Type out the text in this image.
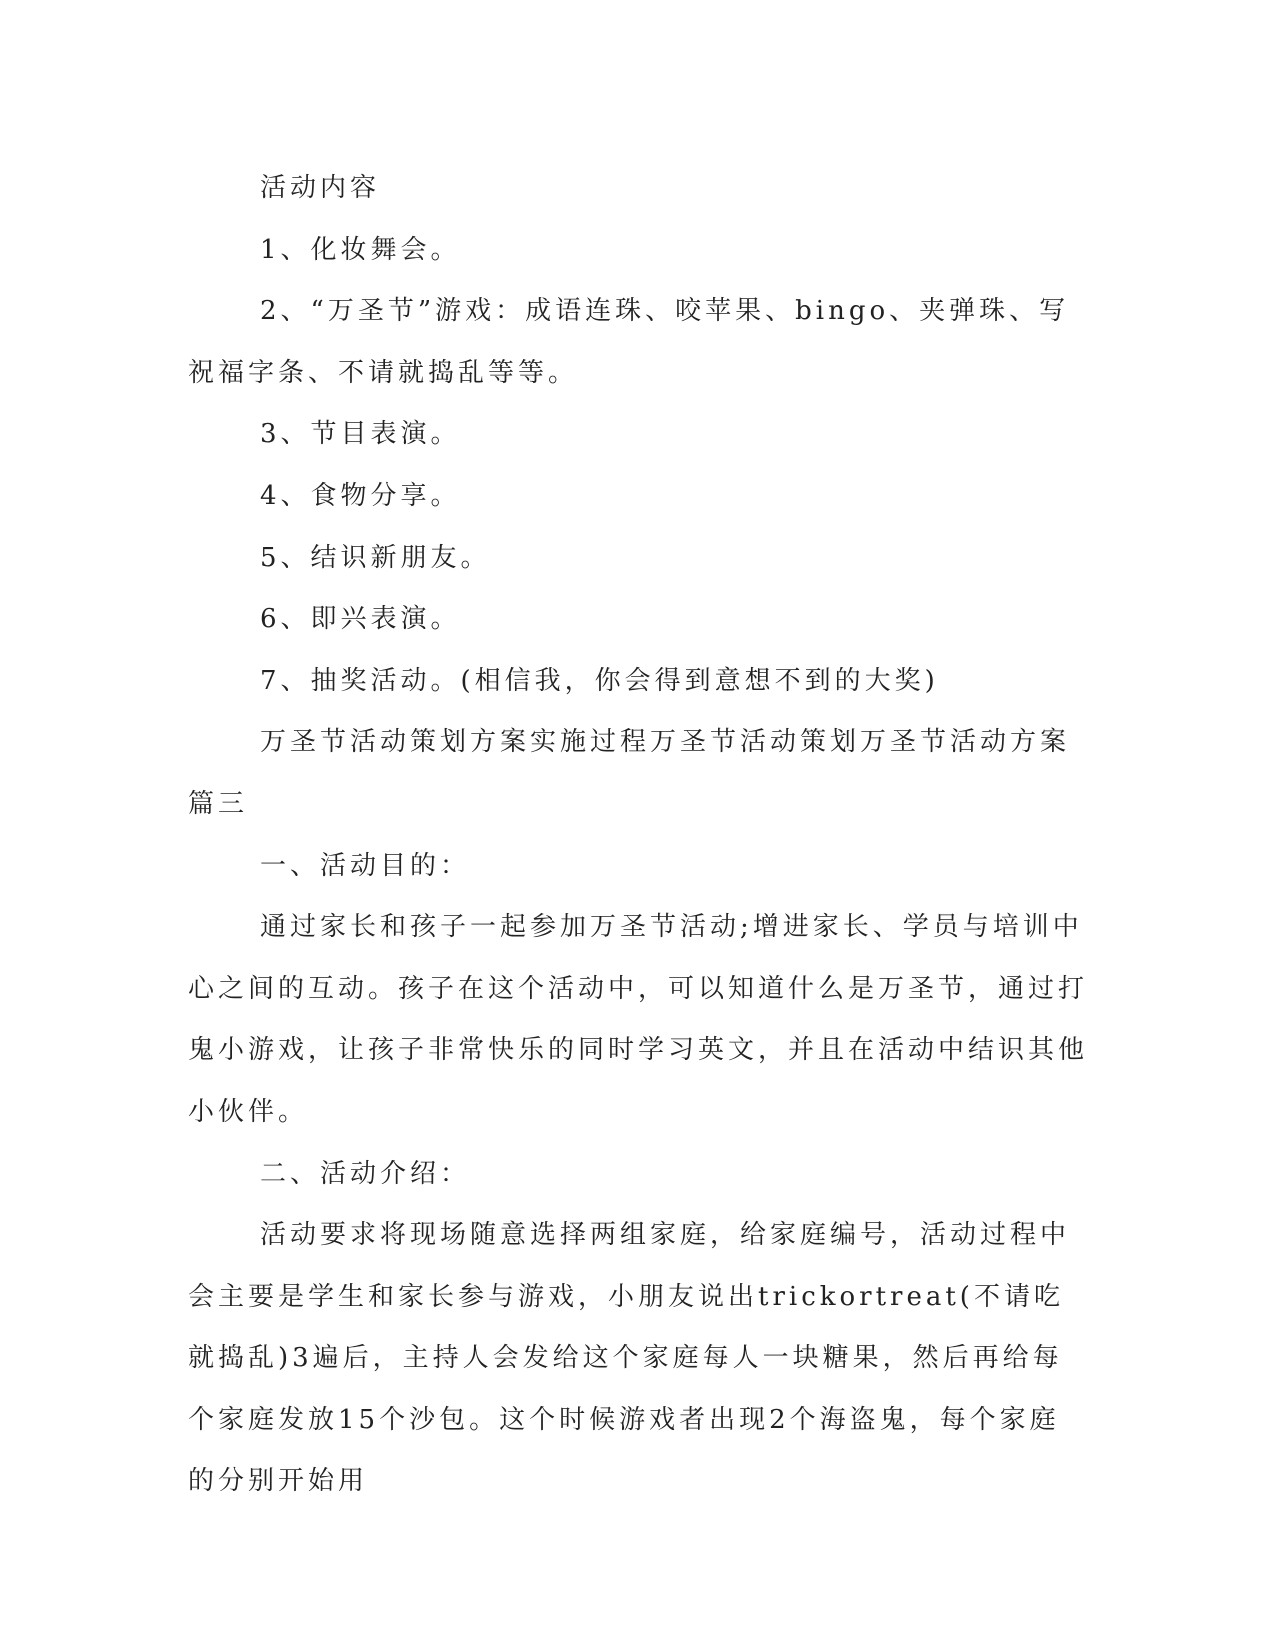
活动内容

1、化妆舞会。

2、“万圣节”游戏：成语连珠、咬苹果、bingo、夹弹珠、写祝福字条、不请就捣乱等等。

3、节目表演。

4、食物分享。

5、结识新朋友。

6、即兴表演。

7、抽奖活动。(相信我，你会得到意想不到的大奖)

万圣节活动策划方案实施过程万圣节活动策划万圣节活动方案篇三

一、活动目的：

通过家长和孩子一起参加万圣节活动;增进家长、学员与培训中心之间的互动。孩子在这个活动中，可以知道什么是万圣节，通过打鬼小游戏，让孩子非常快乐的同时学习英文，并且在活动中结识其他小伙伴。

二、活动介绍：

活动要求将现场随意选择两组家庭，给家庭编号，活动过程中会主要是学生和家长参与游戏，小朋友说出trickortreat(不请吃就捣乱)3遍后，主持人会发给这个家庭每人一块糖果，然后再给每个家庭发放15个沙包。这个时候游戏者出现2个海盗鬼，每个家庭的分别开始用
